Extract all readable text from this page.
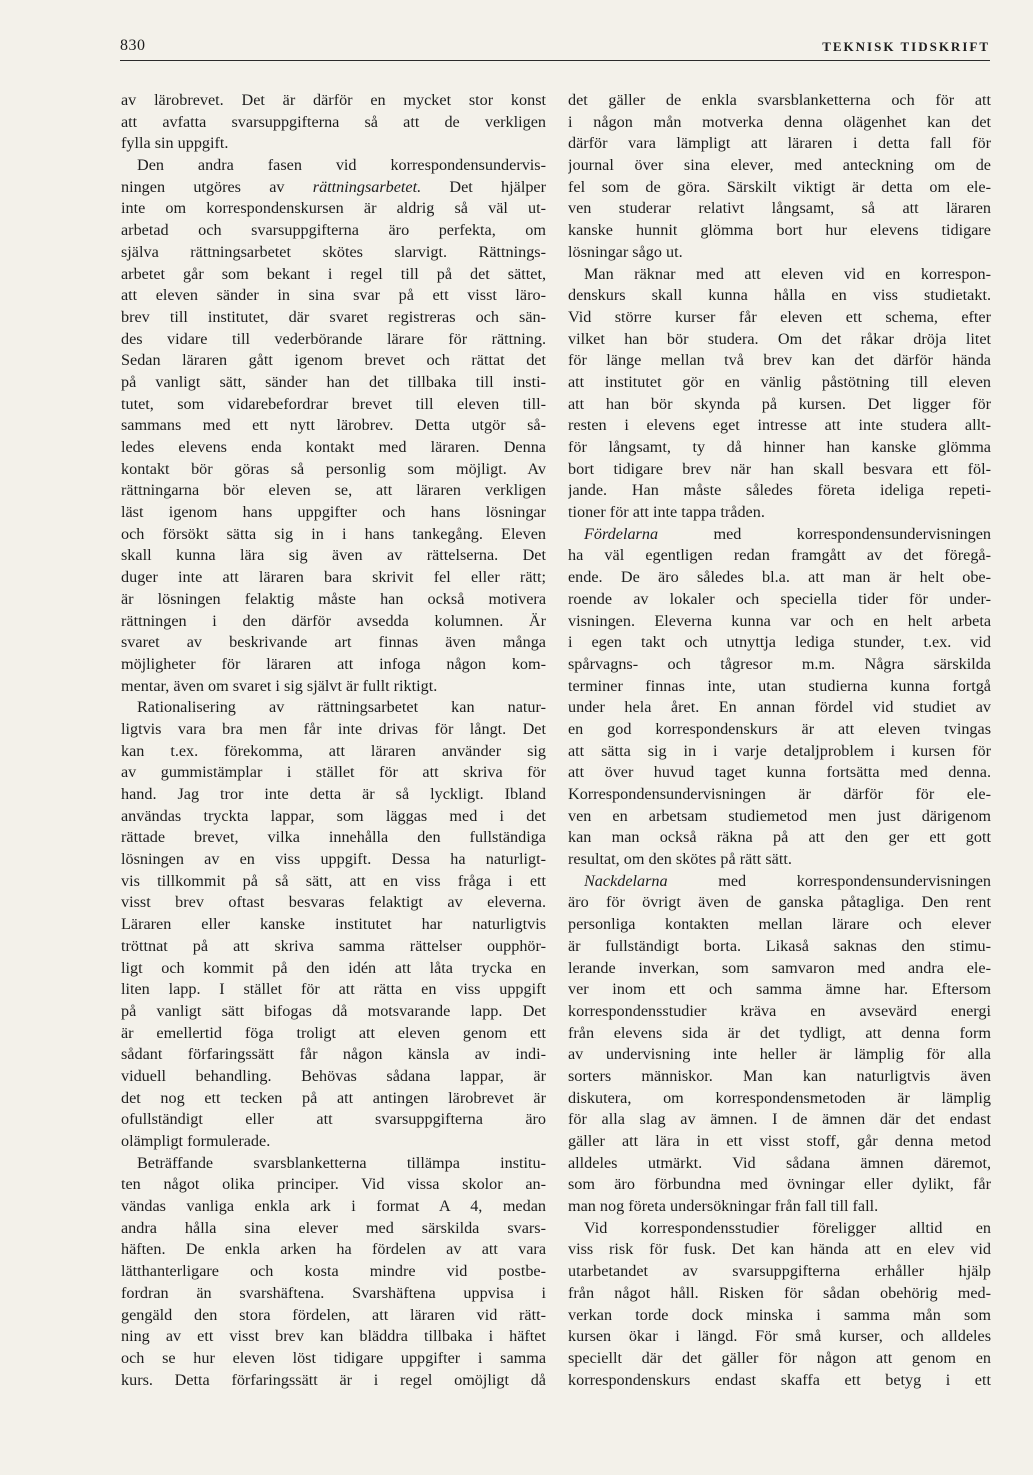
830	TEKNISK TIDSKRIFT
av lärobrevet. Det är därför en mycket stor konst
att avfatta svarsuppgifterna så att de verkligen
fylla sin uppgift.
Den andra fasen vid korrespondensundervis-
ningen utgöres av rättningsarbetet. Det hjälper
inte om korrespondenskursen är aldrig så väl ut-
arbetad och svarsuppgifterna äro perfekta, om
själva rättningsarbetet skötes slarvigt. Rättnings-
arbetet går som bekant i regel till på det sättet,
att eleven sänder in sina svar på ett visst läro-
brev till institutet, där svaret registreras och sän-
des vidare till vederbörande lärare för rättning.
Sedan läraren gått igenom brevet och rättat det
på vanligt sätt, sänder han det tillbaka till insti-
tutet, som vidarebefordrar brevet till eleven till-
sammans med ett nytt lärobrev. Detta utgör så-
ledes elevens enda kontakt med läraren. Denna
kontakt bör göras så personlig som möjligt. Av
rättningarna bör eleven se, att läraren verkligen
läst igenom hans uppgifter och hans lösningar
och försökt sätta sig in i hans tankegång. Eleven
skall kunna lära sig även av rättelserna. Det
duger inte att läraren bara skrivit fel eller rätt;
är lösningen felaktig måste han också motivera
rättningen i den därför avsedda kolumnen. Är
svaret av beskrivande art finnas även många
möjligheter för läraren att infoga någon kom-
mentar, även om svaret i sig självt är fullt riktigt.
Rationalisering av rättningsarbetet kan natur-
ligtvis vara bra men får inte drivas för långt. Det
kan t.ex. förekomma, att läraren använder sig
av gummistämplar i stället för att skriva för
hand. Jag tror inte detta är så lyckligt. Ibland
användas tryckta lappar, som läggas med i det
rättade brevet, vilka innehålla den fullständiga
lösningen av en viss uppgift. Dessa ha naturligt-
vis tillkommit på så sätt, att en viss fråga i ett
visst brev oftast besvaras felaktigt av eleverna.
Läraren eller kanske institutet har naturligtvis
tröttnat på att skriva samma rättelser oupphör-
ligt och kommit på den idén att låta trycka en
liten lapp. I stället för att rätta en viss uppgift
på vanligt sätt bifogas då motsvarande lapp. Det
är emellertid föga troligt att eleven genom ett
sådant förfaringssätt får någon känsla av indi-
viduell behandling. Behövas sådana lappar, är
det nog ett tecken på att antingen lärobrevet är
ofullständigt eller att svarsuppgifterna äro
olämpligt formulerade.
Beträffande svarsblanketterna tillämpa institu-
ten något olika principer. Vid vissa skolor an-
vändas vanliga enkla ark i format A 4, medan
andra hålla sina elever med särskilda svars-
häften. De enkla arken ha fördelen av att vara
lätthanterligare och kosta mindre vid postbe-
fordran än svarshäftena. Svarshäftena uppvisa i
gengäld den stora fördelen, att läraren vid rätt-
ning av ett visst brev kan bläddra tillbaka i häftet
och se hur eleven löst tidigare uppgifter i samma
kurs. Detta förfaringssätt är i regel omöjligt då
det gäller de enkla svarsblanketterna och för att
i någon mån motverka denna olägenhet kan det
därför vara lämpligt att läraren i detta fall för
journal över sina elever, med anteckning om de
fel som de göra. Särskilt viktigt är detta om ele-
ven studerar relativt långsamt, så att läraren
kanske hunnit glömma bort hur elevens tidigare
lösningar sågo ut.
Man räknar med att eleven vid en korrespon-
denskurs skall kunna hålla en viss studietakt.
Vid större kurser får eleven ett schema, efter
vilket han bör studera. Om det råkar dröja litet
för länge mellan två brev kan det därför hända
att institutet gör en vänlig påstötning till eleven
att han bör skynda på kursen. Det ligger för
resten i elevens eget intresse att inte studera allt-
för långsamt, ty då hinner han kanske glömma
bort tidigare brev när han skall besvara ett föl-
jande. Han måste således företa ideliga repeti-
tioner för att inte tappa tråden.
Fördelarna med korrespondensundervisningen
ha väl egentligen redan framgått av det föregå-
ende. De äro således bl.a. att man är helt obe-
roende av lokaler och speciella tider för under-
visningen. Eleverna kunna var och en helt arbeta
i egen takt och utnyttja lediga stunder, t.ex. vid
spårvagns- och tågresor m.m. Några särskilda
terminer finnas inte, utan studierna kunna fortgå
under hela året. En annan fördel vid studiet av
en god korrespondenskurs är att eleven tvingas
att sätta sig in i varje detaljproblem i kursen för
att över huvud taget kunna fortsätta med denna.
Korrespondensundervisningen är därför för ele-
ven en arbetsam studiemetod men just därigenom
kan man också räkna på att den ger ett gott
resultat, om den skötes på rätt sätt.
Nackdelarna med korrespondensundervisningen
äro för övrigt även de ganska påtagliga. Den rent
personliga kontakten mellan lärare och elever
är fullständigt borta. Likaså saknas den stimu-
lerande inverkan, som samvaron med andra ele-
ver inom ett och samma ämne har. Eftersom
korrespondensstudier kräva en avsevärd energi
från elevens sida är det tydligt, att denna form
av undervisning inte heller är lämplig för alla
sorters människor. Man kan naturligtvis även
diskutera, om korrespondensmetoden är lämplig
för alla slag av ämnen. I de ämnen där det endast
gäller att lära in ett visst stoff, går denna metod
alldeles utmärkt. Vid sådana ämnen däremot,
som äro förbundna med övningar eller dylikt, får
man nog företa undersökningar från fall till fall.
Vid korrespondensstudier föreligger alltid en
viss risk för fusk. Det kan hända att en elev vid
utarbetandet av svarsuppgifterna erhåller hjälp
från något håll. Risken för sådan obehörig med-
verkan torde dock minska i samma mån som
kursen ökar i längd. För små kurser, och alldeles
speciellt där det gäller för någon att genom en
korrespondenskurs endast skaffa ett betyg i ett
